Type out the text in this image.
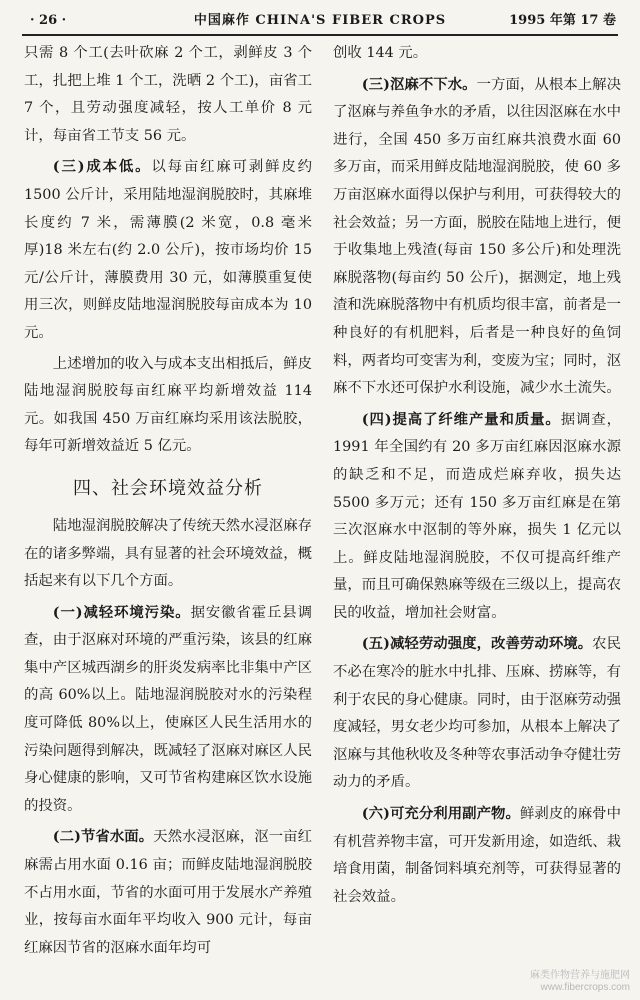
· 26 ·	中国麻作 CHINA'S FIBER CROPS	1995 年第 17 卷

只需 8 个工(去叶砍麻 2 个工，剥鲜皮 3 个工，扎把上堆 1 个工，洗晒 2 个工)，亩省工 7 个，且劳动强度减轻，按人工单价 8 元计，每亩省工节支 56 元。

(三)成本低。以每亩红麻可剥鲜皮约 1500 公斤计，采用陆地湿润脱胶时，其麻堆长度约 7 米，需薄膜(2 米宽，0.8 毫米厚)18 米左右(约 2.0 公斤)，按市场均价 15 元/公斤计，薄膜费用 30 元，如薄膜重复使用三次，则鲜皮陆地湿润脱胶每亩成本为 10 元。

上述增加的收入与成本支出相抵后，鲜皮陆地湿润脱胶每亩红麻平均新增效益 114 元。如我国 450 万亩红麻均采用该法脱胶，每年可新增效益近 5 亿元。

四、社会环境效益分析

陆地湿润脱胶解决了传统天然水浸沤麻存在的诸多弊端，具有显著的社会环境效益，概括起来有以下几个方面。

(一)减轻环境污染。据安徽省霍丘县调查，由于沤麻对环境的严重污染，该县的红麻集中产区城西湖乡的肝炎发病率比非集中产区的高 60%以上。陆地湿润脱胶对水的污染程度可降低 80%以上，使麻区人民生活用水的污染问题得到解决，既减轻了沤麻对麻区人民身心健康的影响，又可节省构建麻区饮水设施的投资。

(二)节省水面。天然水浸沤麻，沤一亩红麻需占用水面 0.16 亩；而鲜皮陆地湿润脱胶不占用水面，节省的水面可用于发展水产养殖业，按每亩水面年平均收入 900 元计，每亩红麻因节省的沤麻水面年均可

创收 144 元。

(三)沤麻不下水。一方面，从根本上解决了沤麻与养鱼争水的矛盾，以往因沤麻在水中进行，全国 450 多万亩红麻共浪费水面 60 多万亩，而采用鲜皮陆地湿润脱胶，使 60 多万亩沤麻水面得以保护与利用，可获得较大的社会效益；另一方面，脱胶在陆地上进行，便于收集地上残渣(每亩 150 多公斤)和处理洗麻脱落物(每亩约 50 公斤)，据测定，地上残渣和洗麻脱落物中有机质均很丰富，前者是一种良好的有机肥料，后者是一种良好的鱼饲料，两者均可变害为利，变废为宝；同时，沤麻不下水还可保护水利设施，减少水土流失。

(四)提高了纤维产量和质量。据调查，1991 年全国约有 20 多万亩红麻因沤麻水源的缺乏和不足，而造成烂麻弃收，损失达 5500 多万元；还有 150 多万亩红麻是在第三次沤麻水中沤制的等外麻，损失 1 亿元以上。鲜皮陆地湿润脱胶，不仅可提高纤维产量，而且可确保熟麻等级在三级以上，提高农民的收益，增加社会财富。

(五)减轻劳动强度，改善劳动环境。农民不必在寒冷的脏水中扎排、压麻、捞麻等，有利于农民的身心健康。同时，由于沤麻劳动强度减轻，男女老少均可参加，从根本上解决了沤麻与其他秋收及冬种等农事活动争夺健壮劳动力的矛盾。

(六)可充分利用副产物。鲜剥皮的麻骨中有机营养物丰富，可开发新用途，如造纸、栽培食用菌，制备饲料填充剂等，可获得显著的社会效益。

麻类作物营养与施肥网
www.fibercrops.com
